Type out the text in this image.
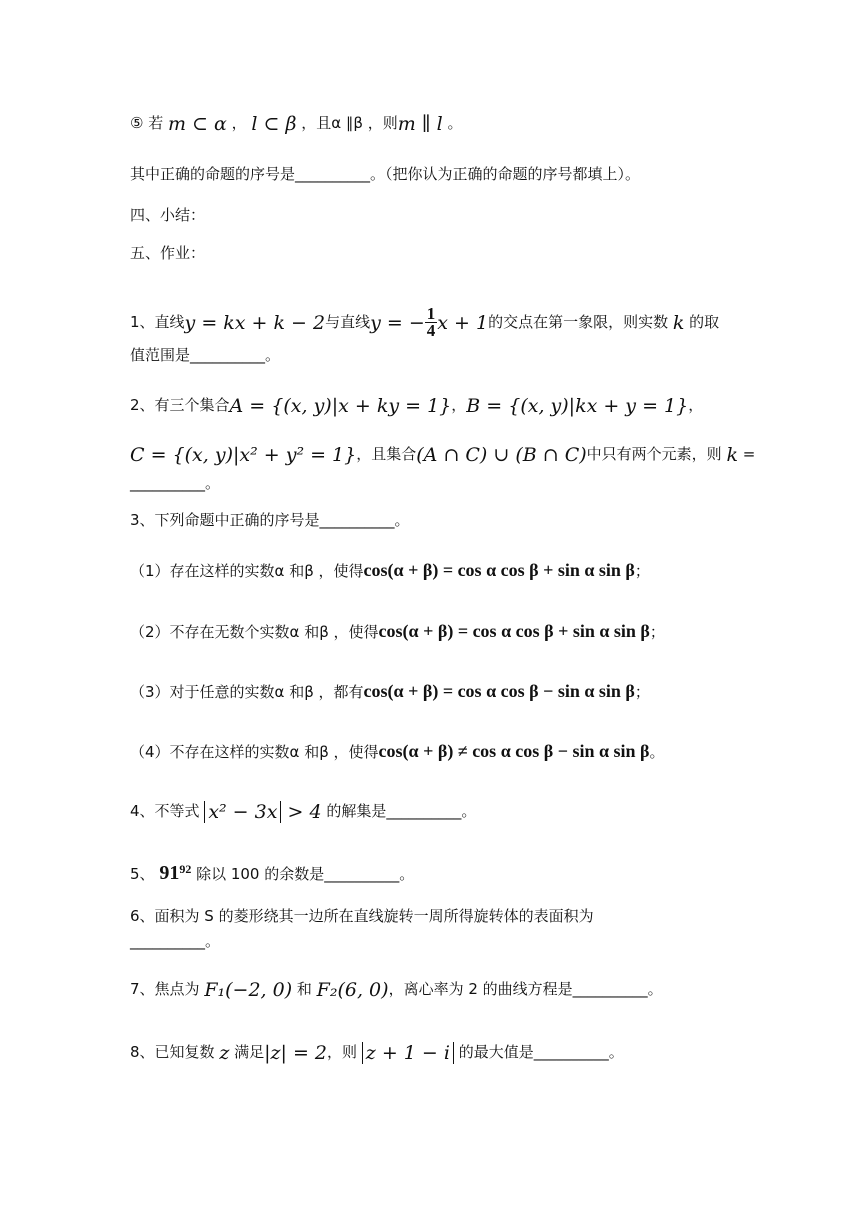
⑤ 若 m ⊂ α ， l ⊂ β ，且α ∥β ，则m ∥ l 。
其中正确的命题的序号是__________。（把你认为正确的命题的序号都填上）。
四、小结：
五、作业：
1、直线y = kx + k − 2与直线y = − $\frac{1}{4}$ x + 1的交点在第一象限，则实数 k 的取
值范围是__________。
2、有三个集合A = {(x, y)|x + ky = 1}，B = {(x, y)|kx + y = 1}，
C = {(x, y)|x² + y² = 1}，且集合(A ∩ C) ∪ (B ∩ C)中只有两个元素，则 k =
__________。
3、下列命题中正确的序号是__________。
（1）存在这样的实数α 和β ，使得cos(α + β) = cos α cos β + sin α sin β；
（2）不存在无数个实数α 和β ，使得cos(α + β) = cos α cos β + sin α sin β；
（3）对于任意的实数α 和β ，都有cos(α + β) = cos α cos β − sin α sin β；
（4）不存在这样的实数α 和β ，使得cos(α + β) ≠ cos α cos β − sin α sin β。
4、不等式 x² − 3x > 4 的解集是__________。
5、 $91^{92}$ 除以 100 的余数是__________。
6、面积为 S 的菱形绕其一边所在直线旋转一周所得旋转体的表面积为
__________。
7、焦点为 F₁(−2, 0) 和 F₂(6, 0)，离心率为 2 的曲线方程是__________。
8、已知复数 z 满足|z| = 2，则 z + 1 − i 的最大值是__________。
